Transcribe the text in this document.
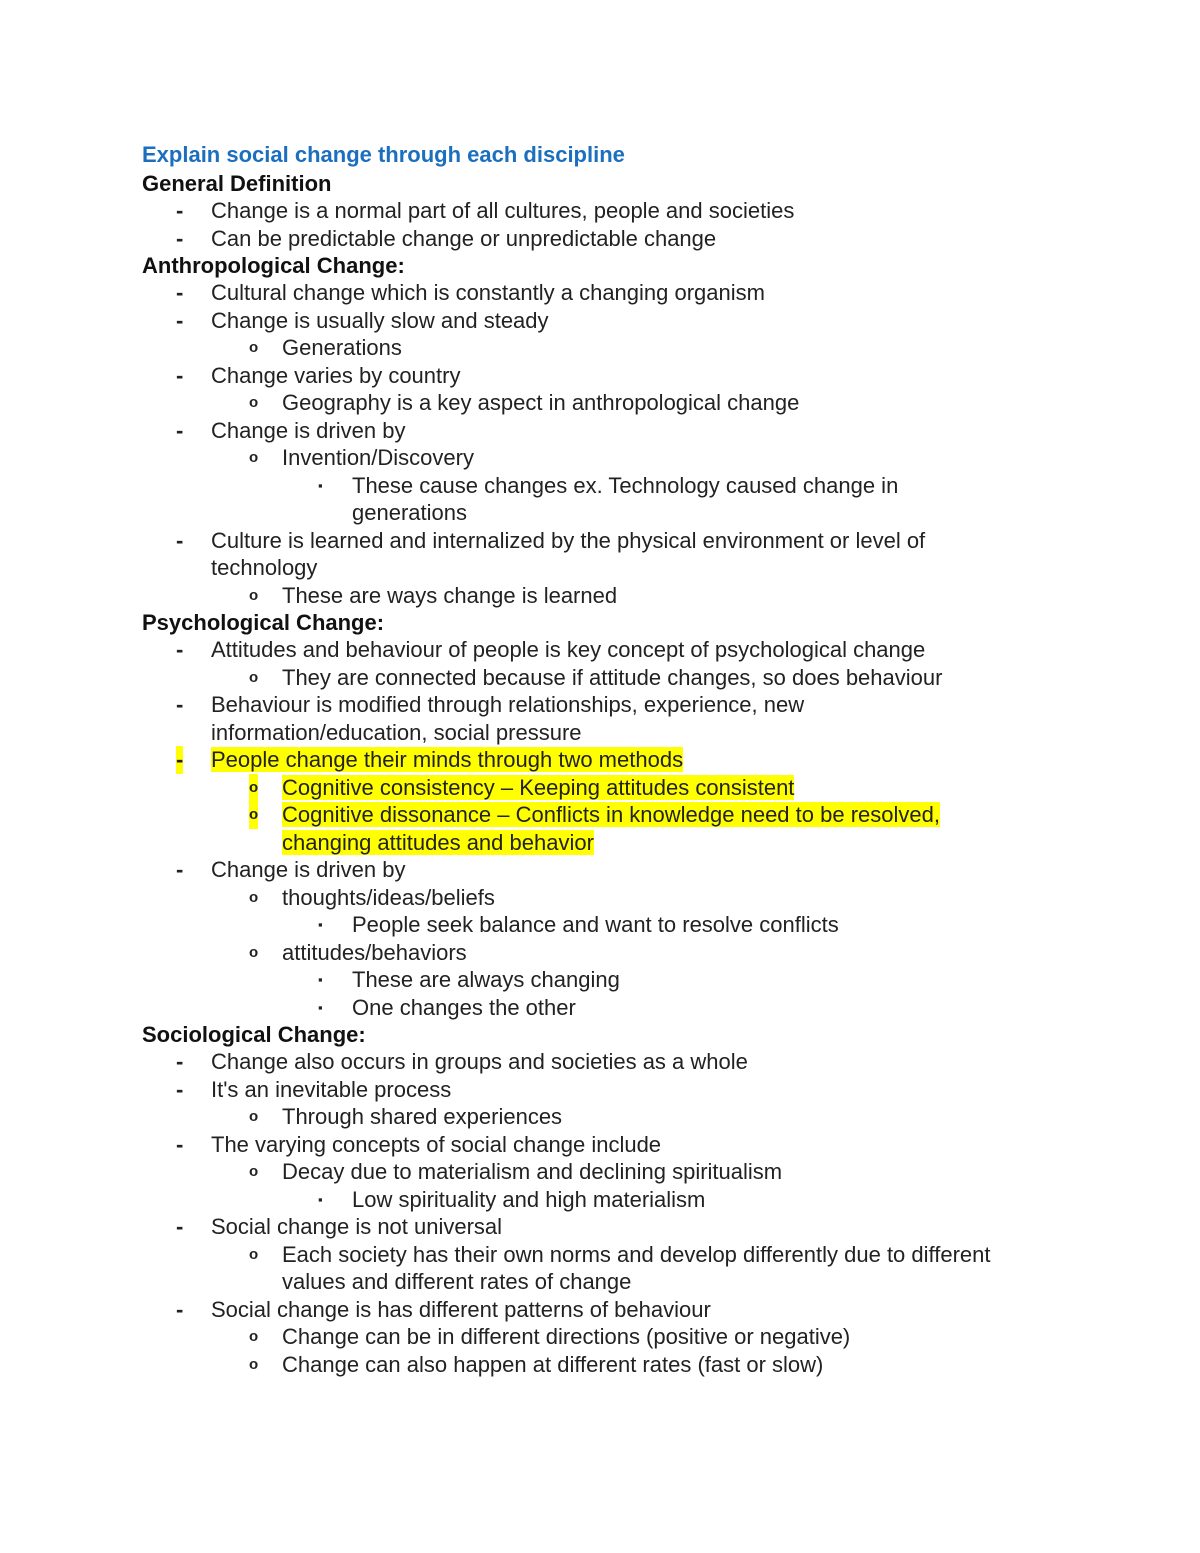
Explain social change through each discipline
General Definition
- Change is a normal part of all cultures, people and societies
- Can be predictable change or unpredictable change
Anthropological Change:
- Cultural change which is constantly a changing organism
- Change is usually slow and steady
o Generations
- Change varies by country
o Geography is a key aspect in anthropological change
- Change is driven by
o Invention/Discovery
▪ These cause changes ex. Technology caused change in
generations
- Culture is learned and internalized by the physical environment or level of
technology
o These are ways change is learned
Psychological Change:
- Attitudes and behaviour of people is key concept of psychological change
o They are connected because if attitude changes, so does behaviour
- Behaviour is modified through relationships, experience, new
information/education, social pressure
- People change their minds through two methods
o Cognitive consistency – Keeping attitudes consistent
o Cognitive dissonance – Conflicts in knowledge need to be resolved,
changing attitudes and behavior
- Change is driven by
o thoughts/ideas/beliefs
▪ People seek balance and want to resolve conflicts
o attitudes/behaviors
▪ These are always changing
▪ One changes the other
Sociological Change:
- Change also occurs in groups and societies as a whole
- It's an inevitable process
o Through shared experiences
- The varying concepts of social change include
o Decay due to materialism and declining spiritualism
▪ Low spirituality and high materialism
- Social change is not universal
o Each society has their own norms and develop differently due to different
values and different rates of change
- Social change is has different patterns of behaviour
o Change can be in different directions (positive or negative)
o Change can also happen at different rates (fast or slow)
